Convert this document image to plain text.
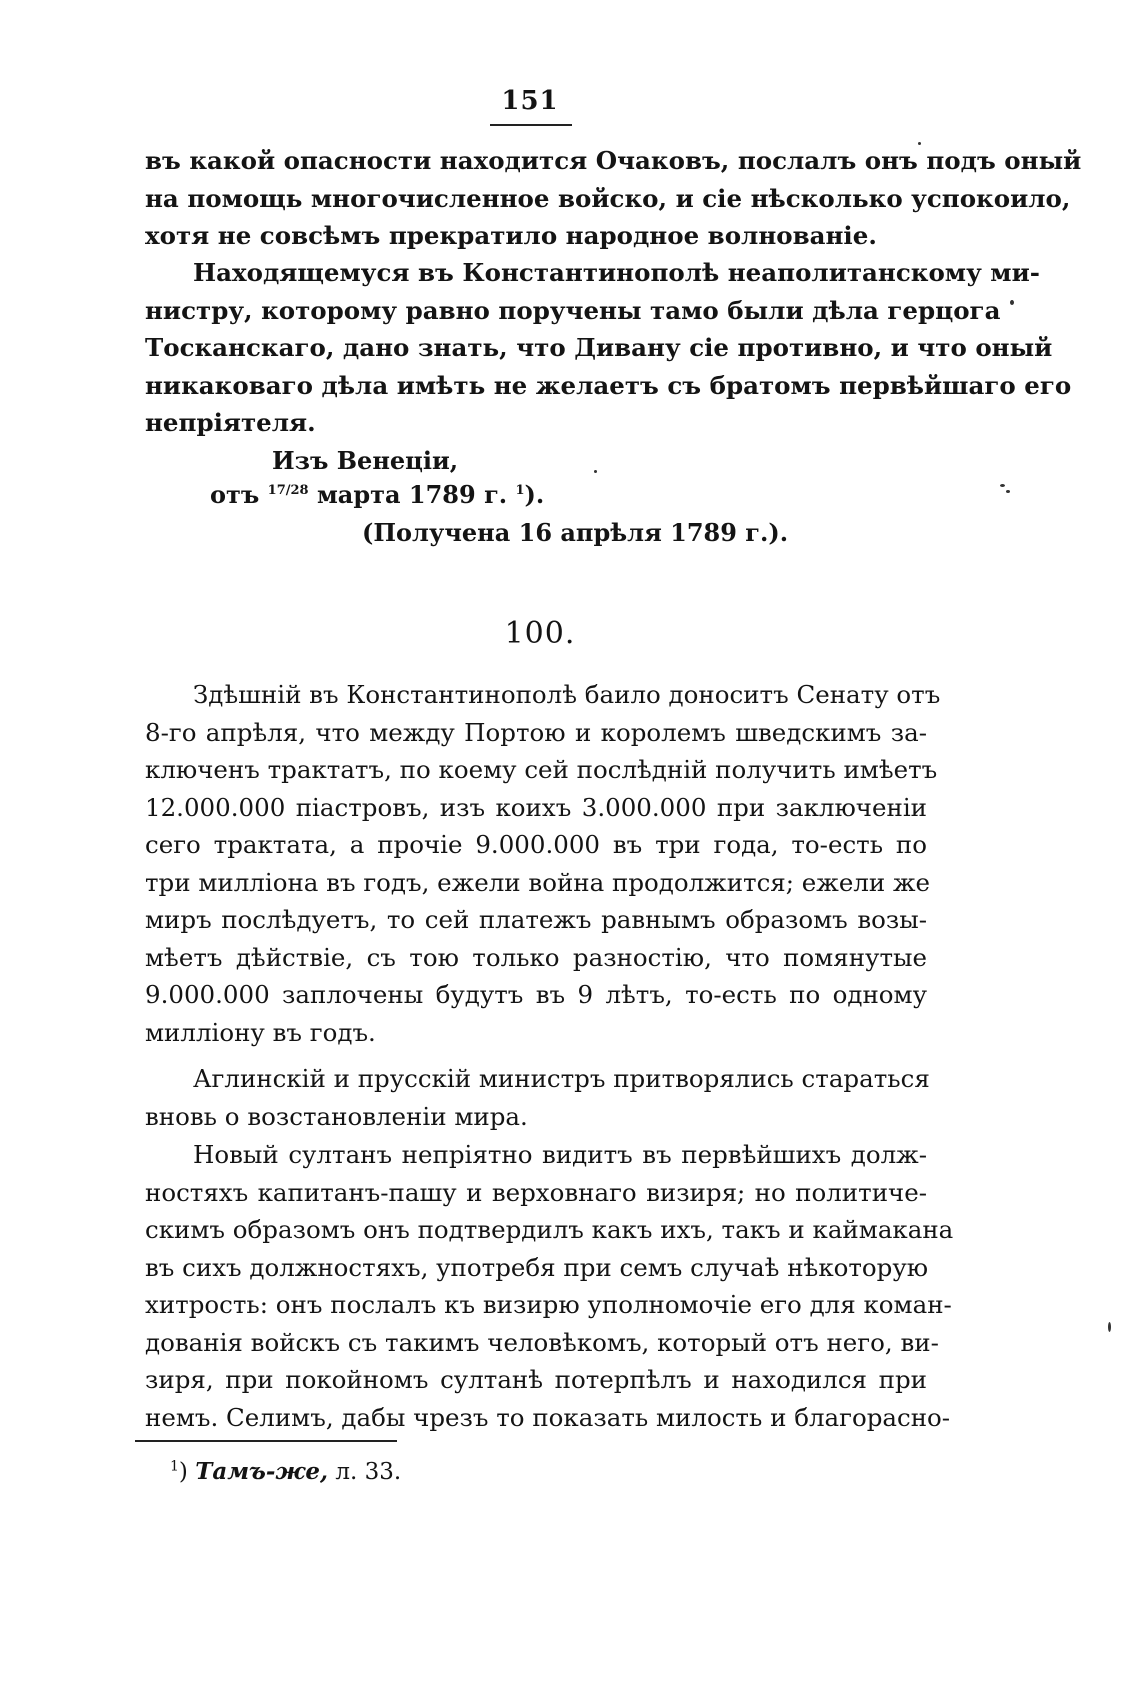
151
въ какой опасности находится Очаковъ, послалъ онъ подъ оный
на помощь многочисленное войско, и сіе нѣсколько успокоило,
хотя не совсѣмъ прекратило народное волнованіе.
Находящемуся въ Константинополѣ неаполитанскому ми-
нистру, которому равно поручены тамо были дѣла герцога
Тосканскаго, дано знать, что Дивану сіе противно, и что оный
никаковаго дѣла имѣть не желаетъ съ братомъ первѣйшаго его
непріятеля.
Изъ Венеціи,
отъ $^{17/28}$ марта 1789 г. $^1$).
(Получена 16 апрѣля 1789 г.).
100.
Здѣшній въ Константинополѣ баило доноситъ Сенату отъ
8-го апрѣля, что между Портою и королемъ шведскимъ за-
ключенъ трактатъ, по коему сей послѣдній получить имѣетъ
12.000.000 піастровъ, изъ коихъ 3.000.000 при заключеніи
сего трактата, а прочіе 9.000.000 въ три года, то-есть по
три милліона въ годъ, ежели война продолжится; ежели же
миръ послѣдуетъ, то сей платежъ равнымъ образомъ возы-
мѣетъ дѣйствіе, съ тою только разностію, что помянутые
9.000.000 заплочены будутъ въ 9 лѣтъ, то-есть по одному
милліону въ годъ.
Аглинскій и прусскій министръ притворялись стараться
вновь о возстановленіи мира.
Новый султанъ непріятно видитъ въ первѣйшихъ долж-
ностяхъ капитанъ-пашу и верховнаго визиря; но политиче-
скимъ образомъ онъ подтвердилъ какъ ихъ, такъ и каймакана
въ сихъ должностяхъ, употребя при семъ случаѣ нѣкоторую
хитрость: онъ послалъ къ визирю уполномочіе его для коман-
дованія войскъ съ такимъ человѣкомъ, который отъ него, ви-
зиря, при покойномъ султанѣ потерпѣлъ и находился при
немъ. Селимъ, дабы чрезъ то показать милость и благорасно-
$^1$) Тамъ-же, л. 33.
